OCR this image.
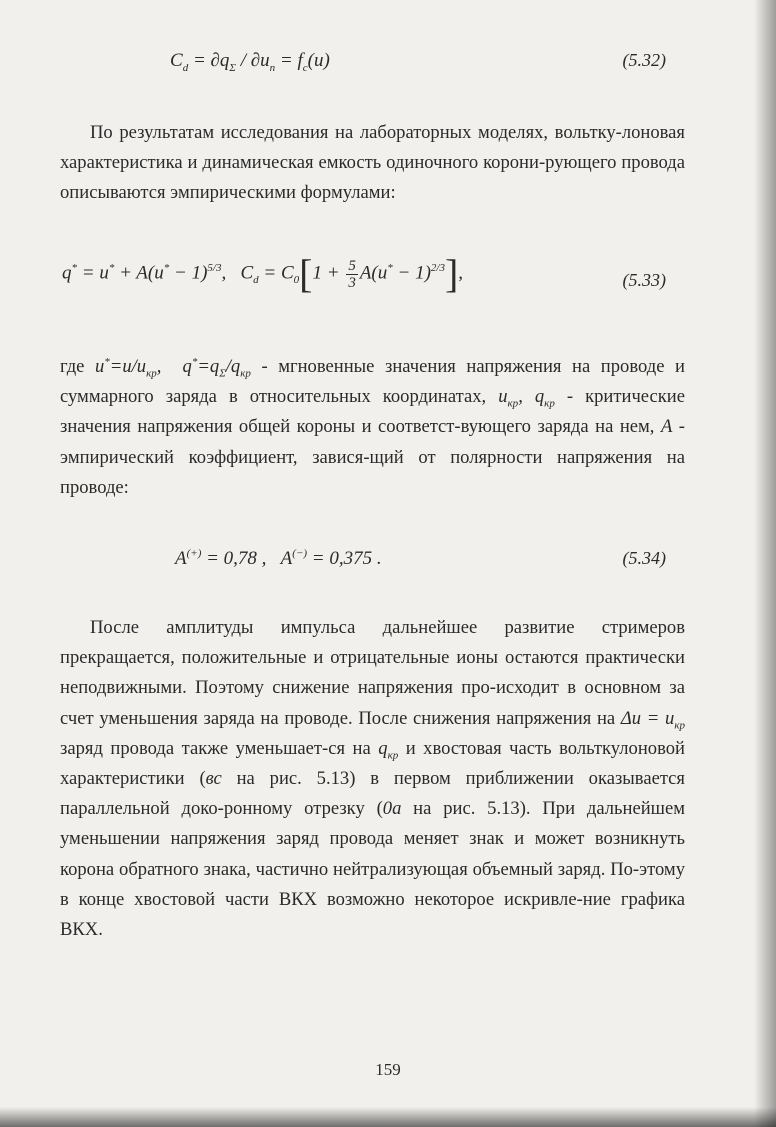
$C_d = \partial q_\Sigma / \partial u_n = f_c(u)$	(5.32)

По результатам исследования на лабораторных моделях, вольтку-лоновая характеристика и динамическая емкость одиночного корони-рующего провода описываются эмпирическими формулами:

$q^* = u^* + A(u^* - 1)^{5/3}$,   $C_d = C_0[1 + \frac{5}{3} A(u^* - 1)^{2/3}]$,	(5.33)

где $u^*=u/u_{кр}$,  $q^*=q_\Sigma/q_{кр}$ - мгновенные значения напряжения на проводе и суммарного заряда в относительных координатах, $u_{кр}$, $q_{кр}$ - критические значения напряжения общей короны и соответст-вующего заряда на нем, A - эмпирический коэффициент, завися-щий от полярности напряжения на проводе:

A(+) = 0,78 ,   A(−) = 0,375 .	(5.34)

После амплитуды импульса дальнейшее развитие стримеров прекращается, положительные и отрицательные ионы остаются практически неподвижными. Поэтому снижение напряжения про-исходит в основном за счет уменьшения заряда на проводе. После снижения напряжения на $\Delta u = u_{кр}$ заряд провода также уменьшает-ся на $q_{кр}$ и хвостовая часть вольткулоновой характеристики (вс на рис. 5.13) в первом приближении оказывается параллельной доко-ронному отрезку (0а на рис. 5.13). При дальнейшем уменьшении напряжения заряд провода меняет знак и может возникнуть корона обратного знака, частично нейтрализующая объемный заряд. По-этому в конце хвостовой части ВКХ возможно некоторое искривле-ние графика ВКХ.

159
